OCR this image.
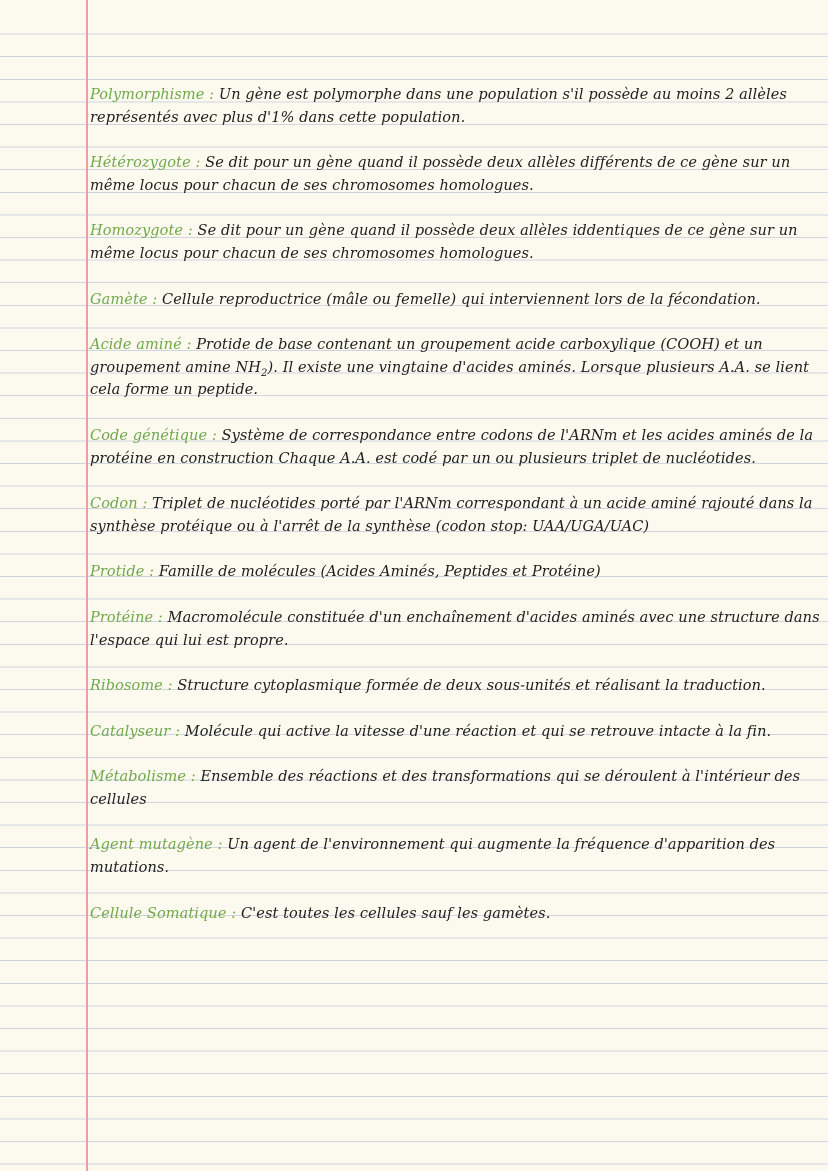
Polymorphisme : Un gène est polymorphe dans une population s'il possède au moins 2 allèles représentés avec plus d'1% dans cette population.

Hétérozygote : Se dit pour un gène quand il possède deux allèles différents de ce gène sur un même locus pour chacun de ses chromosomes homologues.

Homozygote : Se dit pour un gène quand il possède deux allèles iddentiques de ce gène sur un même locus pour chacun de ses chromosomes homologues.

Gamète : Cellule reproductrice (mâle ou femelle) qui interviennent lors de la fécondation.

Acide aminé : Protide de base contenant un groupement acide carboxylique (COOH) et un groupement amine $NH_2$). Il existe une vingtaine d'acides aminés. Lorsque plusieurs A.A. se lient cela forme un peptide.

Code génétique : Système de correspondance entre codons de l'ARNm et les acides aminés de la protéine en construction Chaque A.A. est codé par un ou plusieurs triplet de nucléotides.

Codon : Triplet de nucléotides porté par l'ARNm correspondant à un acide aminé rajouté dans la synthèse protéique ou à l'arrêt de la synthèse (codon stop: UAA/UGA/UAC)

Protide : Famille de molécules (Acides Aminés, Peptides et Protéine)

Protéine : Macromolécule constituée d'un enchaînement d'acides aminés avec une structure dans l'espace qui lui est propre.

Ribosome : Structure cytoplasmique formée de deux sous-unités et réalisant la traduction.

Catalyseur : Molécule qui active la vitesse d'une réaction et qui se retrouve intacte à la fin.

Métabolisme : Ensemble des réactions et des transformations qui se déroulent à l'intérieur des cellules

Agent mutagène : Un agent de l'environnement qui augmente la fréquence d'apparition des mutations.

Cellule Somatique : C'est toutes les cellules sauf les gamètes.
